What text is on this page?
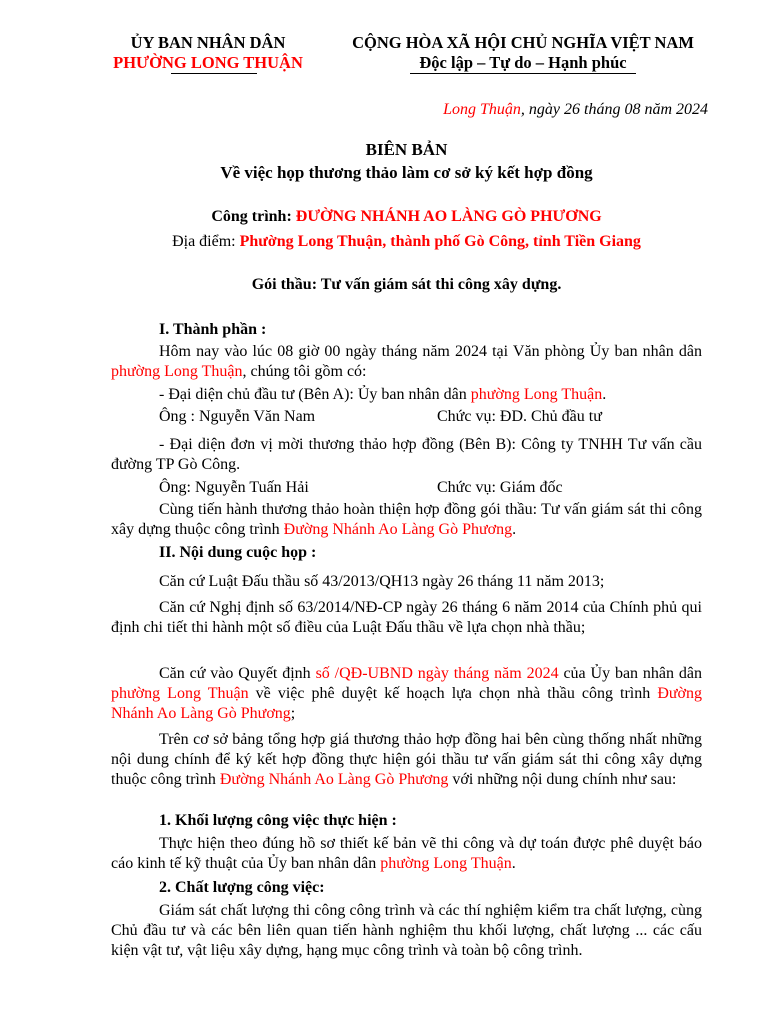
ỦY BAN NHÂN DÂN
PHƯỜNG LONG THUẬN
CỘNG HÒA XÃ HỘI CHỦ NGHĨA VIỆT NAM
Độc lập – Tự do – Hạnh phúc
Long Thuận, ngày 26 tháng 08 năm 2024
BIÊN BẢN
Về việc họp thương thảo làm cơ sở ký kết hợp đồng
Công trình: ĐƯỜNG NHÁNH AO LÀNG GÒ PHƯƠNG
Địa điểm: Phường Long Thuận, thành phố Gò Công, tỉnh Tiền Giang
Gói thầu: Tư vấn giám sát thi công xây dựng.
I. Thành phần :
Hôm nay vào lúc 08 giờ 00 ngày tháng năm 2024 tại Văn phòng Ủy ban nhân dân phường Long Thuận, chúng tôi gồm có:
- Đại diện chủ đầu tư (Bên A): Ủy ban nhân dân phường Long Thuận.
Ông : Nguyễn Văn Nam	Chức vụ: ĐD. Chủ đầu tư
- Đại diện đơn vị mời thương thảo hợp đồng (Bên B): Công ty TNHH Tư vấn cầu đường TP Gò Công.
Ông: Nguyễn Tuấn Hải	Chức vụ: Giám đốc
Cùng tiến hành thương thảo hoàn thiện hợp đồng gói thầu: Tư vấn giám sát thi công xây dựng thuộc công trình Đường Nhánh Ao Làng Gò Phương.
II. Nội dung cuộc họp :
Căn cứ Luật Đấu thầu số 43/2013/QH13 ngày 26 tháng 11 năm 2013;
Căn cứ Nghị định số 63/2014/NĐ-CP ngày 26 tháng 6 năm 2014 của Chính phủ qui định chi tiết thi hành một số điều của Luật Đấu thầu về lựa chọn nhà thầu;
Căn cứ vào Quyết định số /QĐ-UBND ngày tháng năm 2024 của Ủy ban nhân dân phường Long Thuận về việc phê duyệt kế hoạch lựa chọn nhà thầu công trình Đường Nhánh Ao Làng Gò Phương;
Trên cơ sở bảng tổng hợp giá thương thảo hợp đồng hai bên cùng thống nhất những nội dung chính để ký kết hợp đồng thực hiện gói thầu tư vấn giám sát thi công xây dựng thuộc công trình Đường Nhánh Ao Làng Gò Phương với những nội dung chính như sau:
1. Khối lượng công việc thực hiện :
Thực hiện theo đúng hồ sơ thiết kế bản vẽ thi công và dự toán được phê duyệt báo cáo kinh tế kỹ thuật của Ủy ban nhân dân phường Long Thuận.
2. Chất lượng công việc:
Giám sát chất lượng thi công công trình và các thí nghiệm kiểm tra chất lượng, cùng Chủ đầu tư và các bên liên quan tiến hành nghiệm thu khối lượng, chất lượng ... các cấu kiện vật tư, vật liệu xây dựng, hạng mục công trình và toàn bộ công trình.
